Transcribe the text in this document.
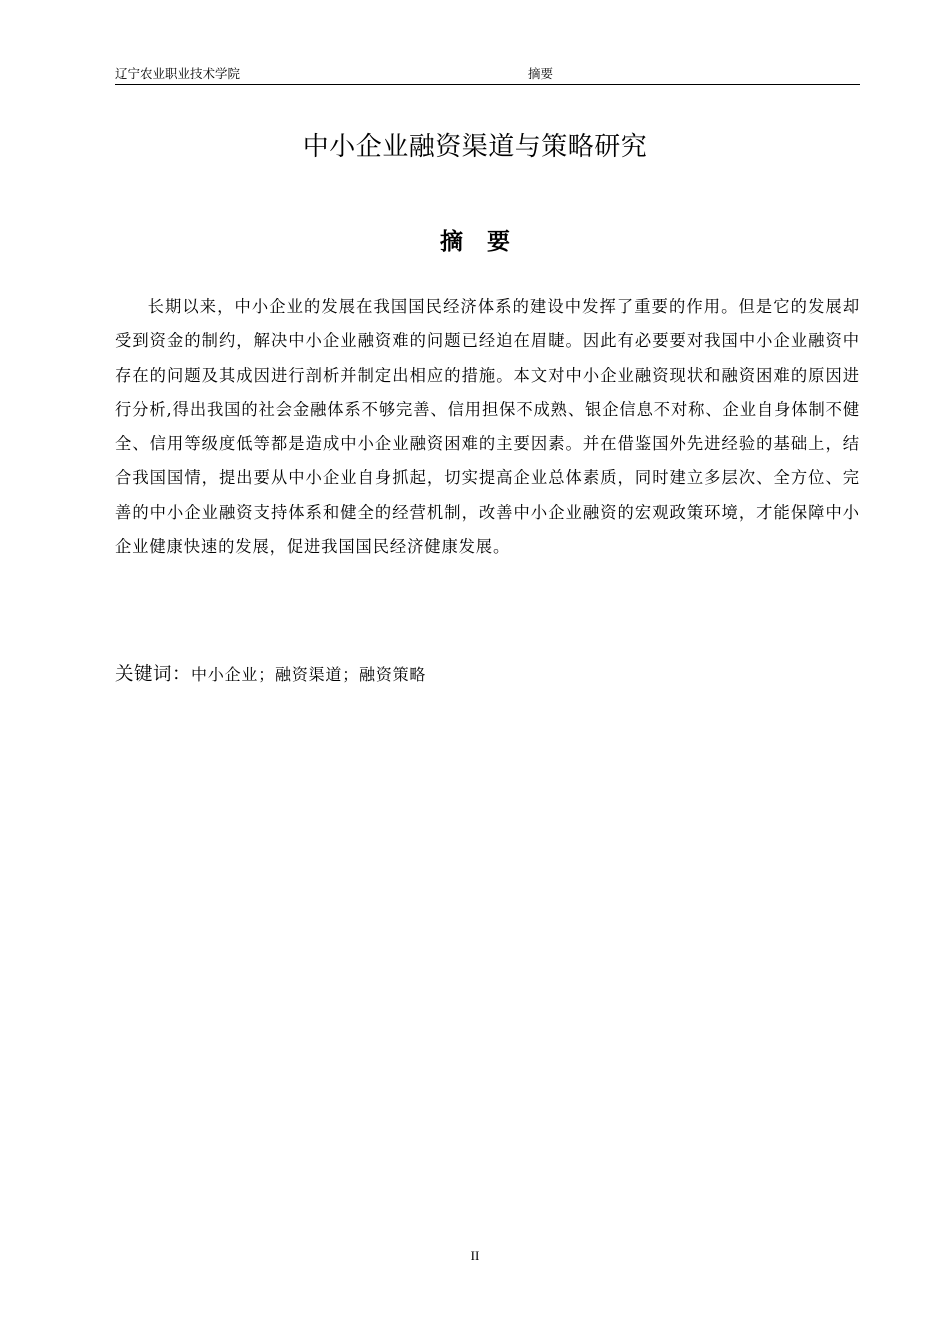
辽宁农业职业技术学院	摘要
中小企业融资渠道与策略研究
摘 要

长期以来，中小企业的发展在我国国民经济体系的建设中发挥了重要的作用。但是它的发展却受到资金的制约，解决中小企业融资难的问题已经迫在眉睫。因此有必要要对我国中小企业融资中存在的问题及其成因进行剖析并制定出相应的措施。本文对中小企业融资现状和融资困难的原因进行分析,得出我国的社会金融体系不够完善、信用担保不成熟、银企信息不对称、企业自身体制不健全、信用等级度低等都是造成中小企业融资困难的主要因素。并在借鉴国外先进经验的基础上，结合我国国情，提出要从中小企业自身抓起，切实提高企业总体素质，同时建立多层次、全方位、完善的中小企业融资支持体系和健全的经营机制，改善中小企业融资的宏观政策环境，才能保障中小企业健康快速的发展，促进我国国民经济健康发展。

关键词：中小企业；融资渠道；融资策略
II
